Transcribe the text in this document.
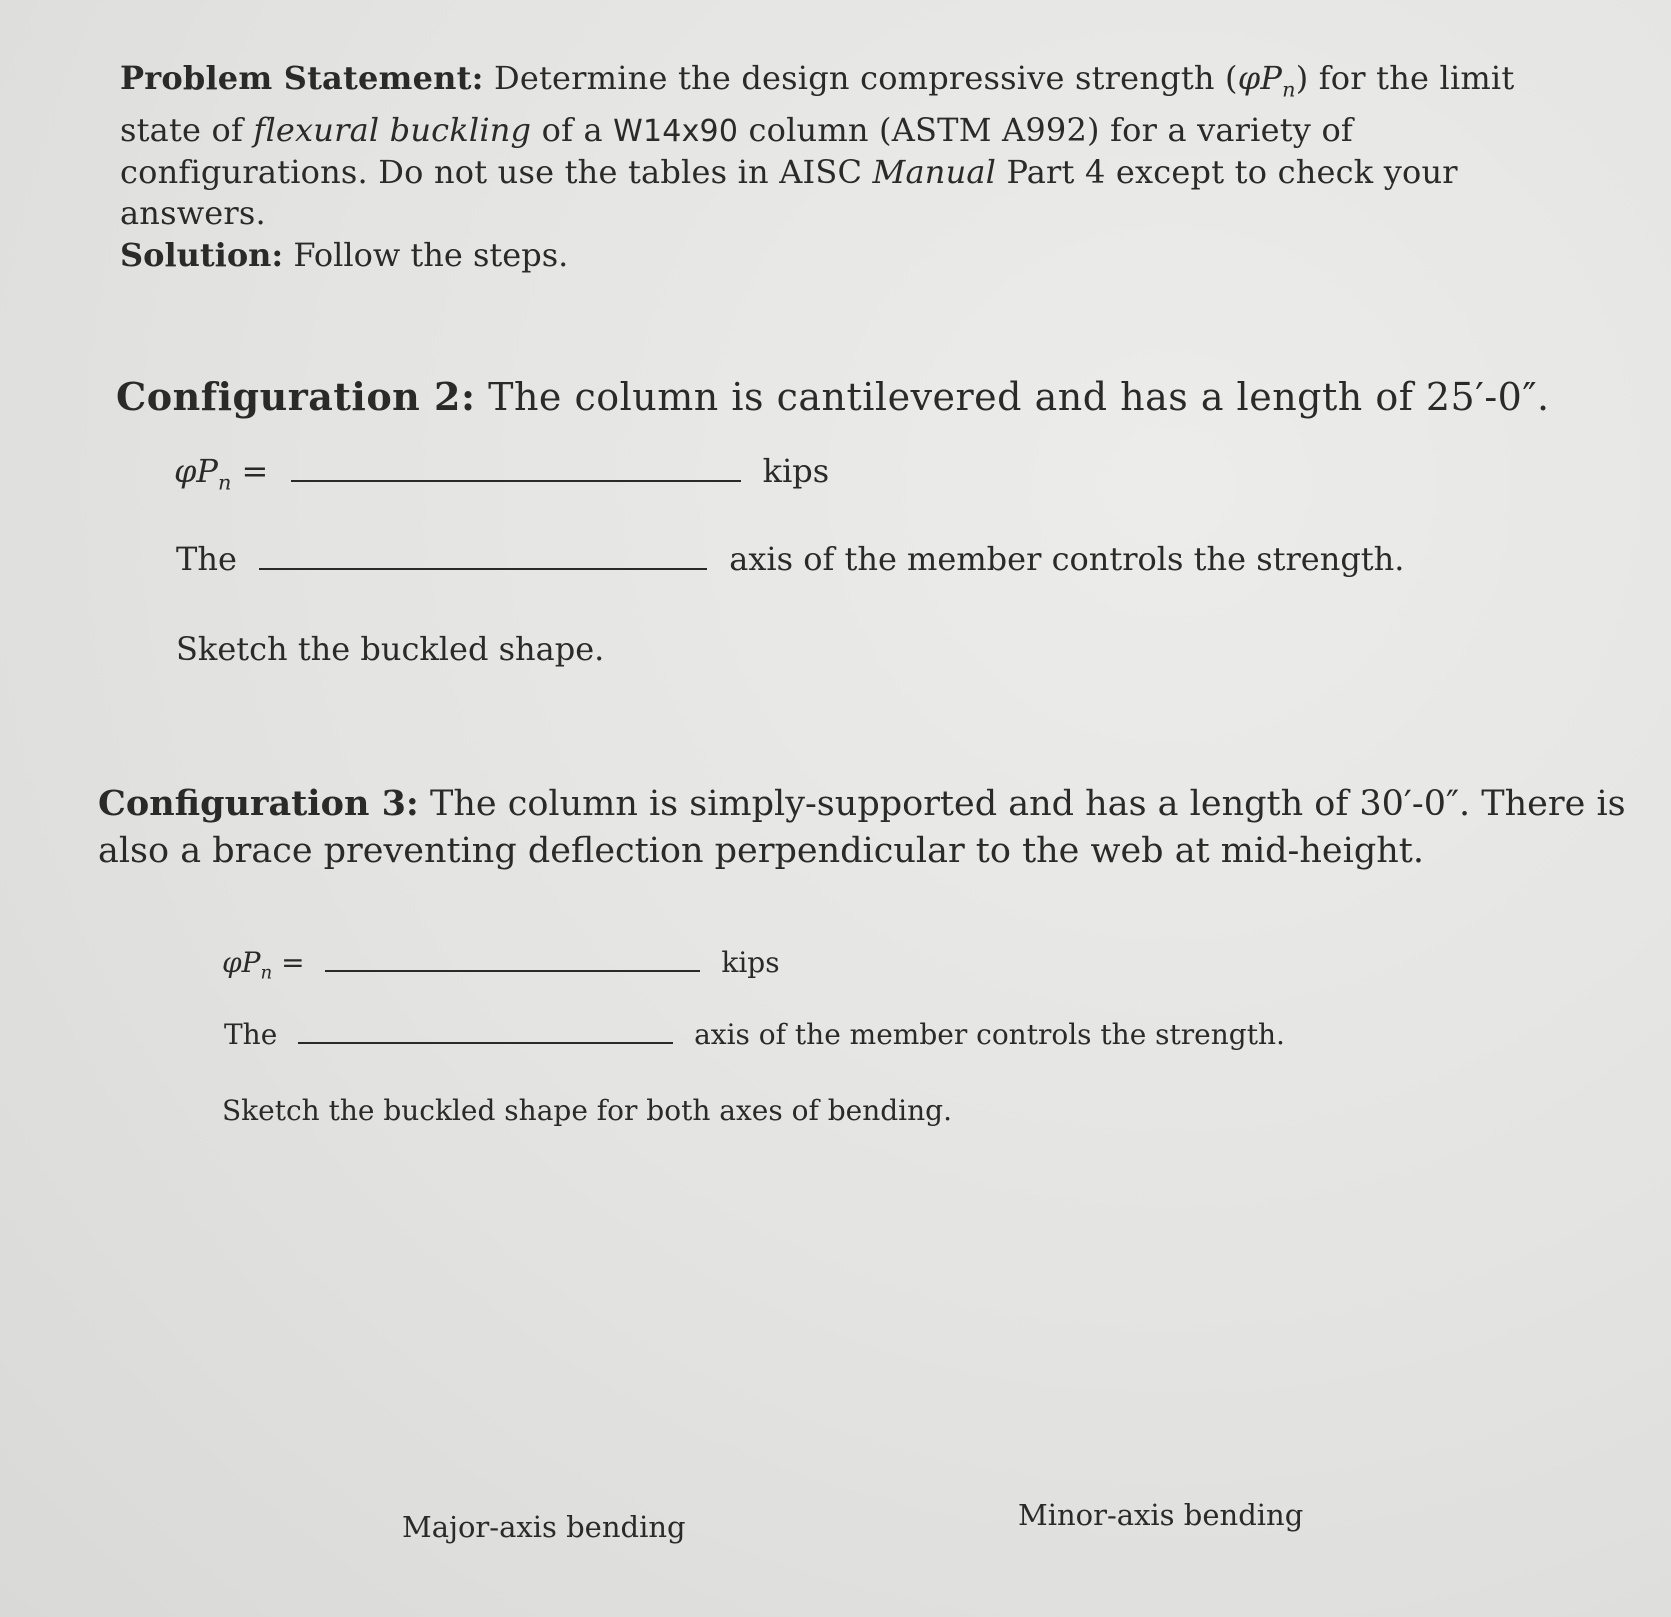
Problem Statement: Determine the design compressive strength $(\varphi P_n)$ for the limit state of flexural buckling of a W14x90 column (ASTM A992) for a variety of configurations. Do not use the tables in AISC Manual Part 4 except to check your answers.
Solution: Follow the steps.
Configuration 2: The column is cantilevered and has a length of 25′-0″.
$\varphi P_n$ =	kips
The	axis of the member controls the strength.
Sketch the buckled shape.
Configuration 3: The column is simply-supported and has a length of 30′-0″. There is also a brace preventing deflection perpendicular to the web at mid-height.
$\varphi P_n$ =	kips
The	axis of the member controls the strength.
Sketch the buckled shape for both axes of bending.
Major-axis bending	Minor-axis bending
